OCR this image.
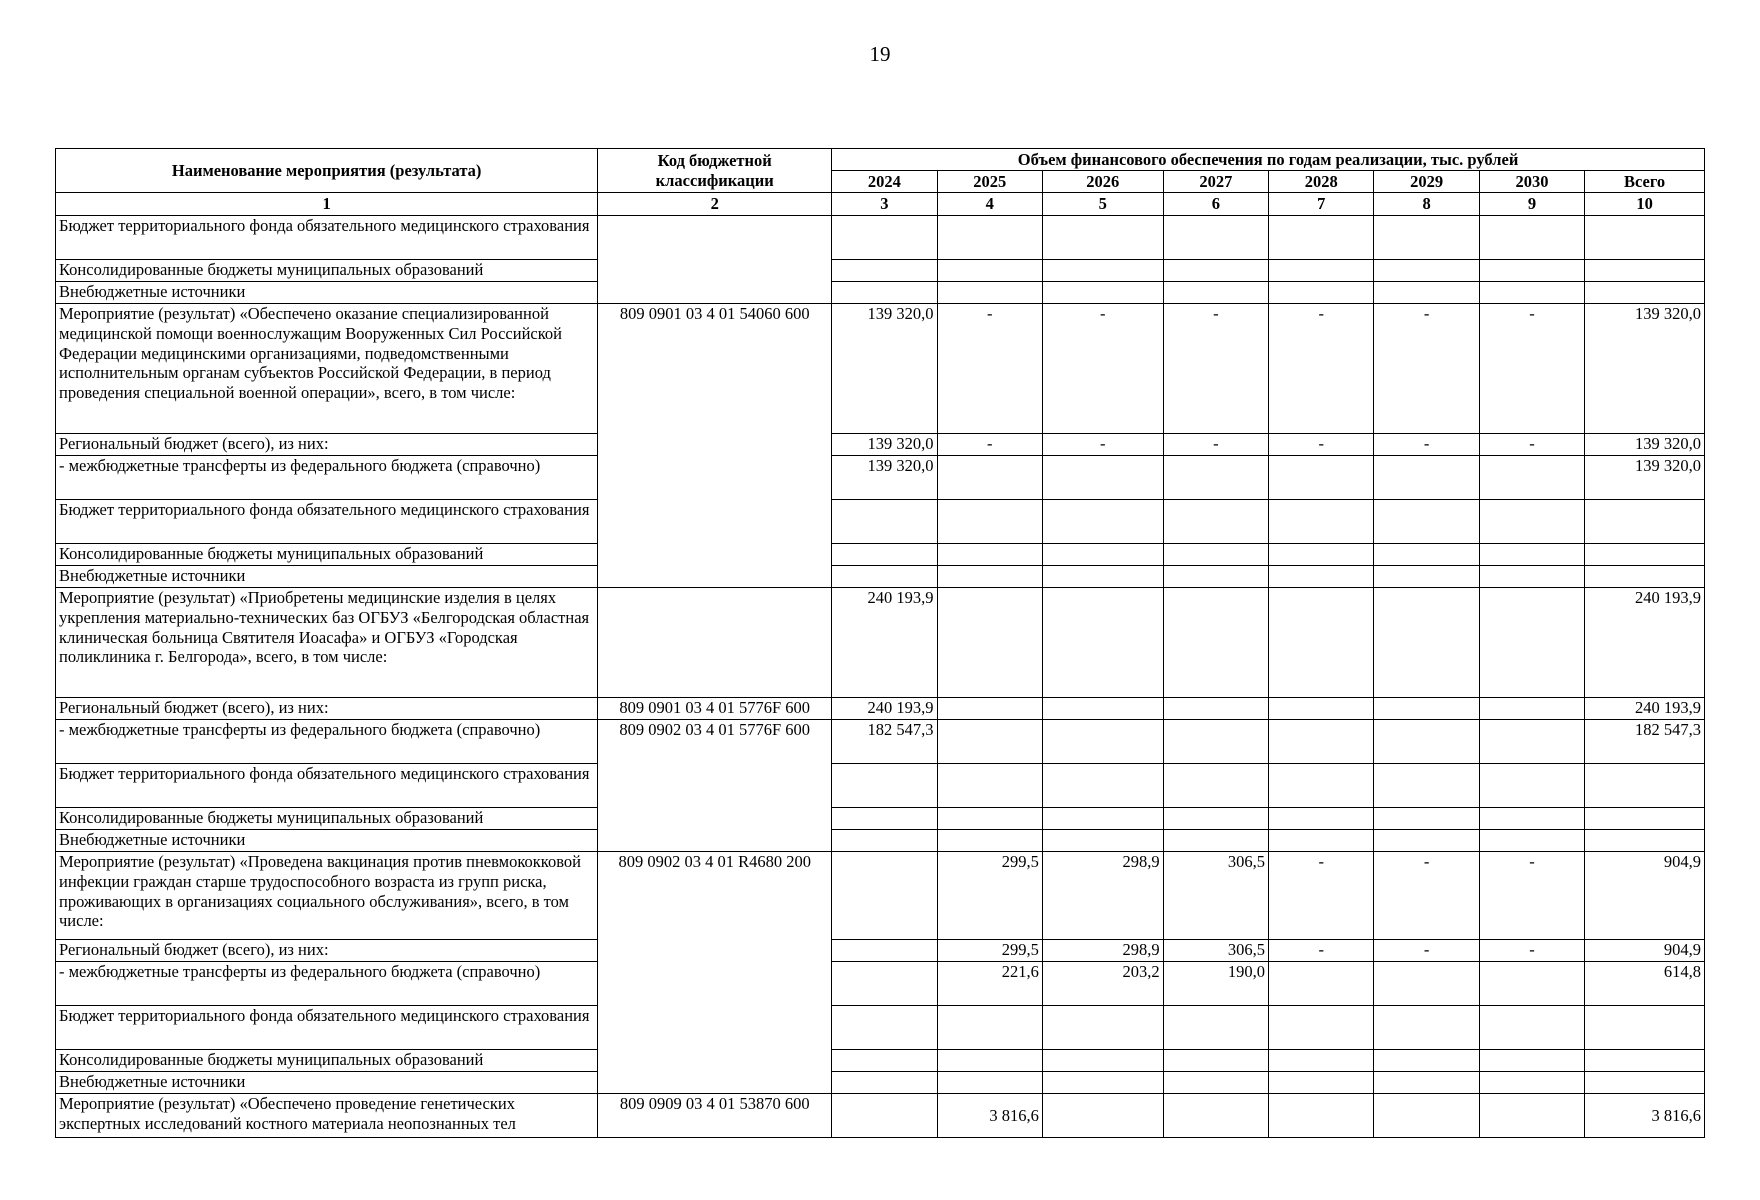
19
Наименование мероприятия (результата)	Код бюджетной классификации	Объем финансового обеспечения по годам реализации, тыс. рублей							
		2024	2025	2026	2027	2028	2029	2030	Всего
1	2	3	4	5	6	7	8	9	10
Бюджет территориального фонда обязательного медицинского страхования									
Консолидированные бюджеты муниципальных образований									
Внебюджетные источники									
Мероприятие (результат) «Обеспечено оказание специализированной медицинской помощи военнослужащим Вооруженных Сил Российской Федерации медицинскими организациями, подведомственными исполнительным органам субъектов Российской Федерации, в период проведения специальной военной операции», всего, в том числе:	809 0901 03 4 01 54060 600	139 320,0	-	-	-	-	-	-	139 320,0
Региональный бюджет (всего), из них:		139 320,0	-	-	-	-	-	-	139 320,0
- межбюджетные трансферты из федерального бюджета (справочно)		139 320,0							139 320,0
Бюджет территориального фонда обязательного медицинского страхования									
Консолидированные бюджеты муниципальных образований									
Внебюджетные источники									
Мероприятие (результат) «Приобретены медицинские изделия в целях укрепления материально-технических баз ОГБУЗ «Белгородская областная клиническая больница Святителя Иоасафа» и ОГБУЗ «Городская поликлиника г. Белгорода», всего, в том числе:		240 193,9							240 193,9
Региональный бюджет (всего), из них:	809 0901 03 4 01 5776F 600	240 193,9							240 193,9
- межбюджетные трансферты из федерального бюджета (справочно)	809 0902 03 4 01 5776F 600	182 547,3							182 547,3
Бюджет территориального фонда обязательного медицинского страхования									
Консолидированные бюджеты муниципальных образований									
Внебюджетные источники									
Мероприятие (результат) «Проведена вакцинация против пневмококковой инфекции граждан старше трудоспособного возраста из групп риска, проживающих в организациях социального обслуживания», всего, в том числе:	809 0902 03 4 01 R4680 200		299,5	298,9	306,5	-	-	-	904,9
Региональный бюджет (всего), из них:			299,5	298,9	306,5	-	-	-	904,9
- межбюджетные трансферты из федерального бюджета (справочно)			221,6	203,2	190,0				614,8
Бюджет территориального фонда обязательного медицинского страхования									
Консолидированные бюджеты муниципальных образований									
Внебюджетные источники									
Мероприятие (результат) «Обеспечено проведение генетических экспертных исследований костного материала неопознанных тел	809 0909 03 4 01 53870 600		3 816,6						3 816,6
